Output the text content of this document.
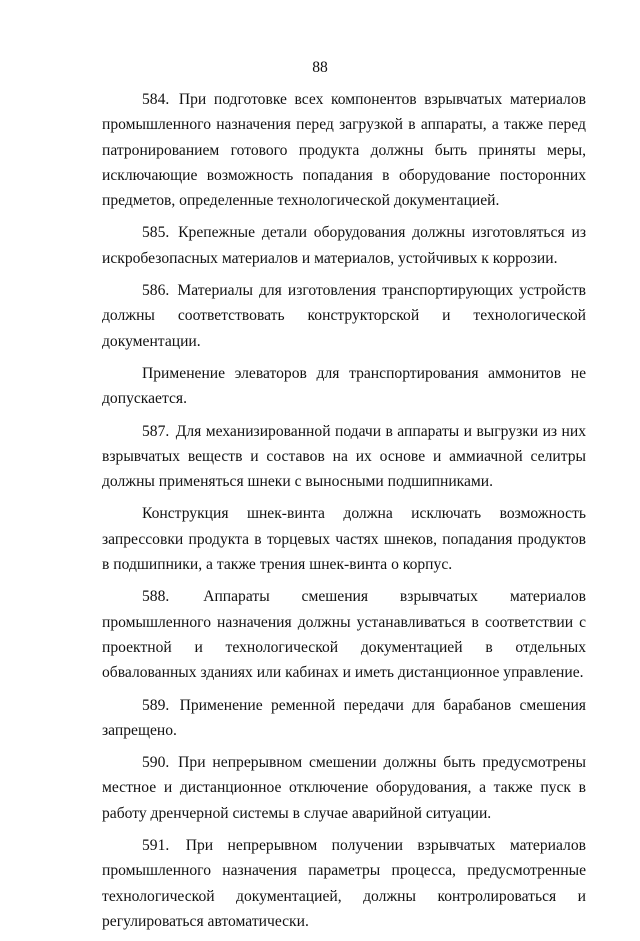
88

584. При подготовке всех компонентов взрывчатых материалов промышленного назначения перед загрузкой в аппараты, а также перед патронированием готового продукта должны быть приняты меры, исключающие возможность попадания в оборудование посторонних предметов, определенные технологической документацией.

585. Крепежные детали оборудования должны изготовляться из искробезопасных материалов и материалов, устойчивых к коррозии.

586. Материалы для изготовления транспортирующих устройств должны соответствовать конструкторской и технологической документации.

Применение элеваторов для транспортирования аммонитов не допускается.

587. Для механизированной подачи в аппараты и выгрузки из них взрывчатых веществ и составов на их основе и аммиачной селитры должны применяться шнеки с выносными подшипниками.

Конструкция шнек-винта должна исключать возможность запрессовки продукта в торцевых частях шнеков, попадания продуктов в подшипники, а также трения шнек-винта о корпус.

588. Аппараты смешения взрывчатых материалов промышленного назначения должны устанавливаться в соответствии с проектной и технологической документацией в отдельных обвалованных зданиях или кабинах и иметь дистанционное управление.

589. Применение ременной передачи для барабанов смешения запрещено.

590. При непрерывном смешении должны быть предусмотрены местное и дистанционное отключение оборудования, а также пуск в работу дренчерной системы в случае аварийной ситуации.

591. При непрерывном получении взрывчатых материалов промышленного назначения параметры процесса, предусмотренные технологической документацией, должны контролироваться и регулироваться автоматически.
